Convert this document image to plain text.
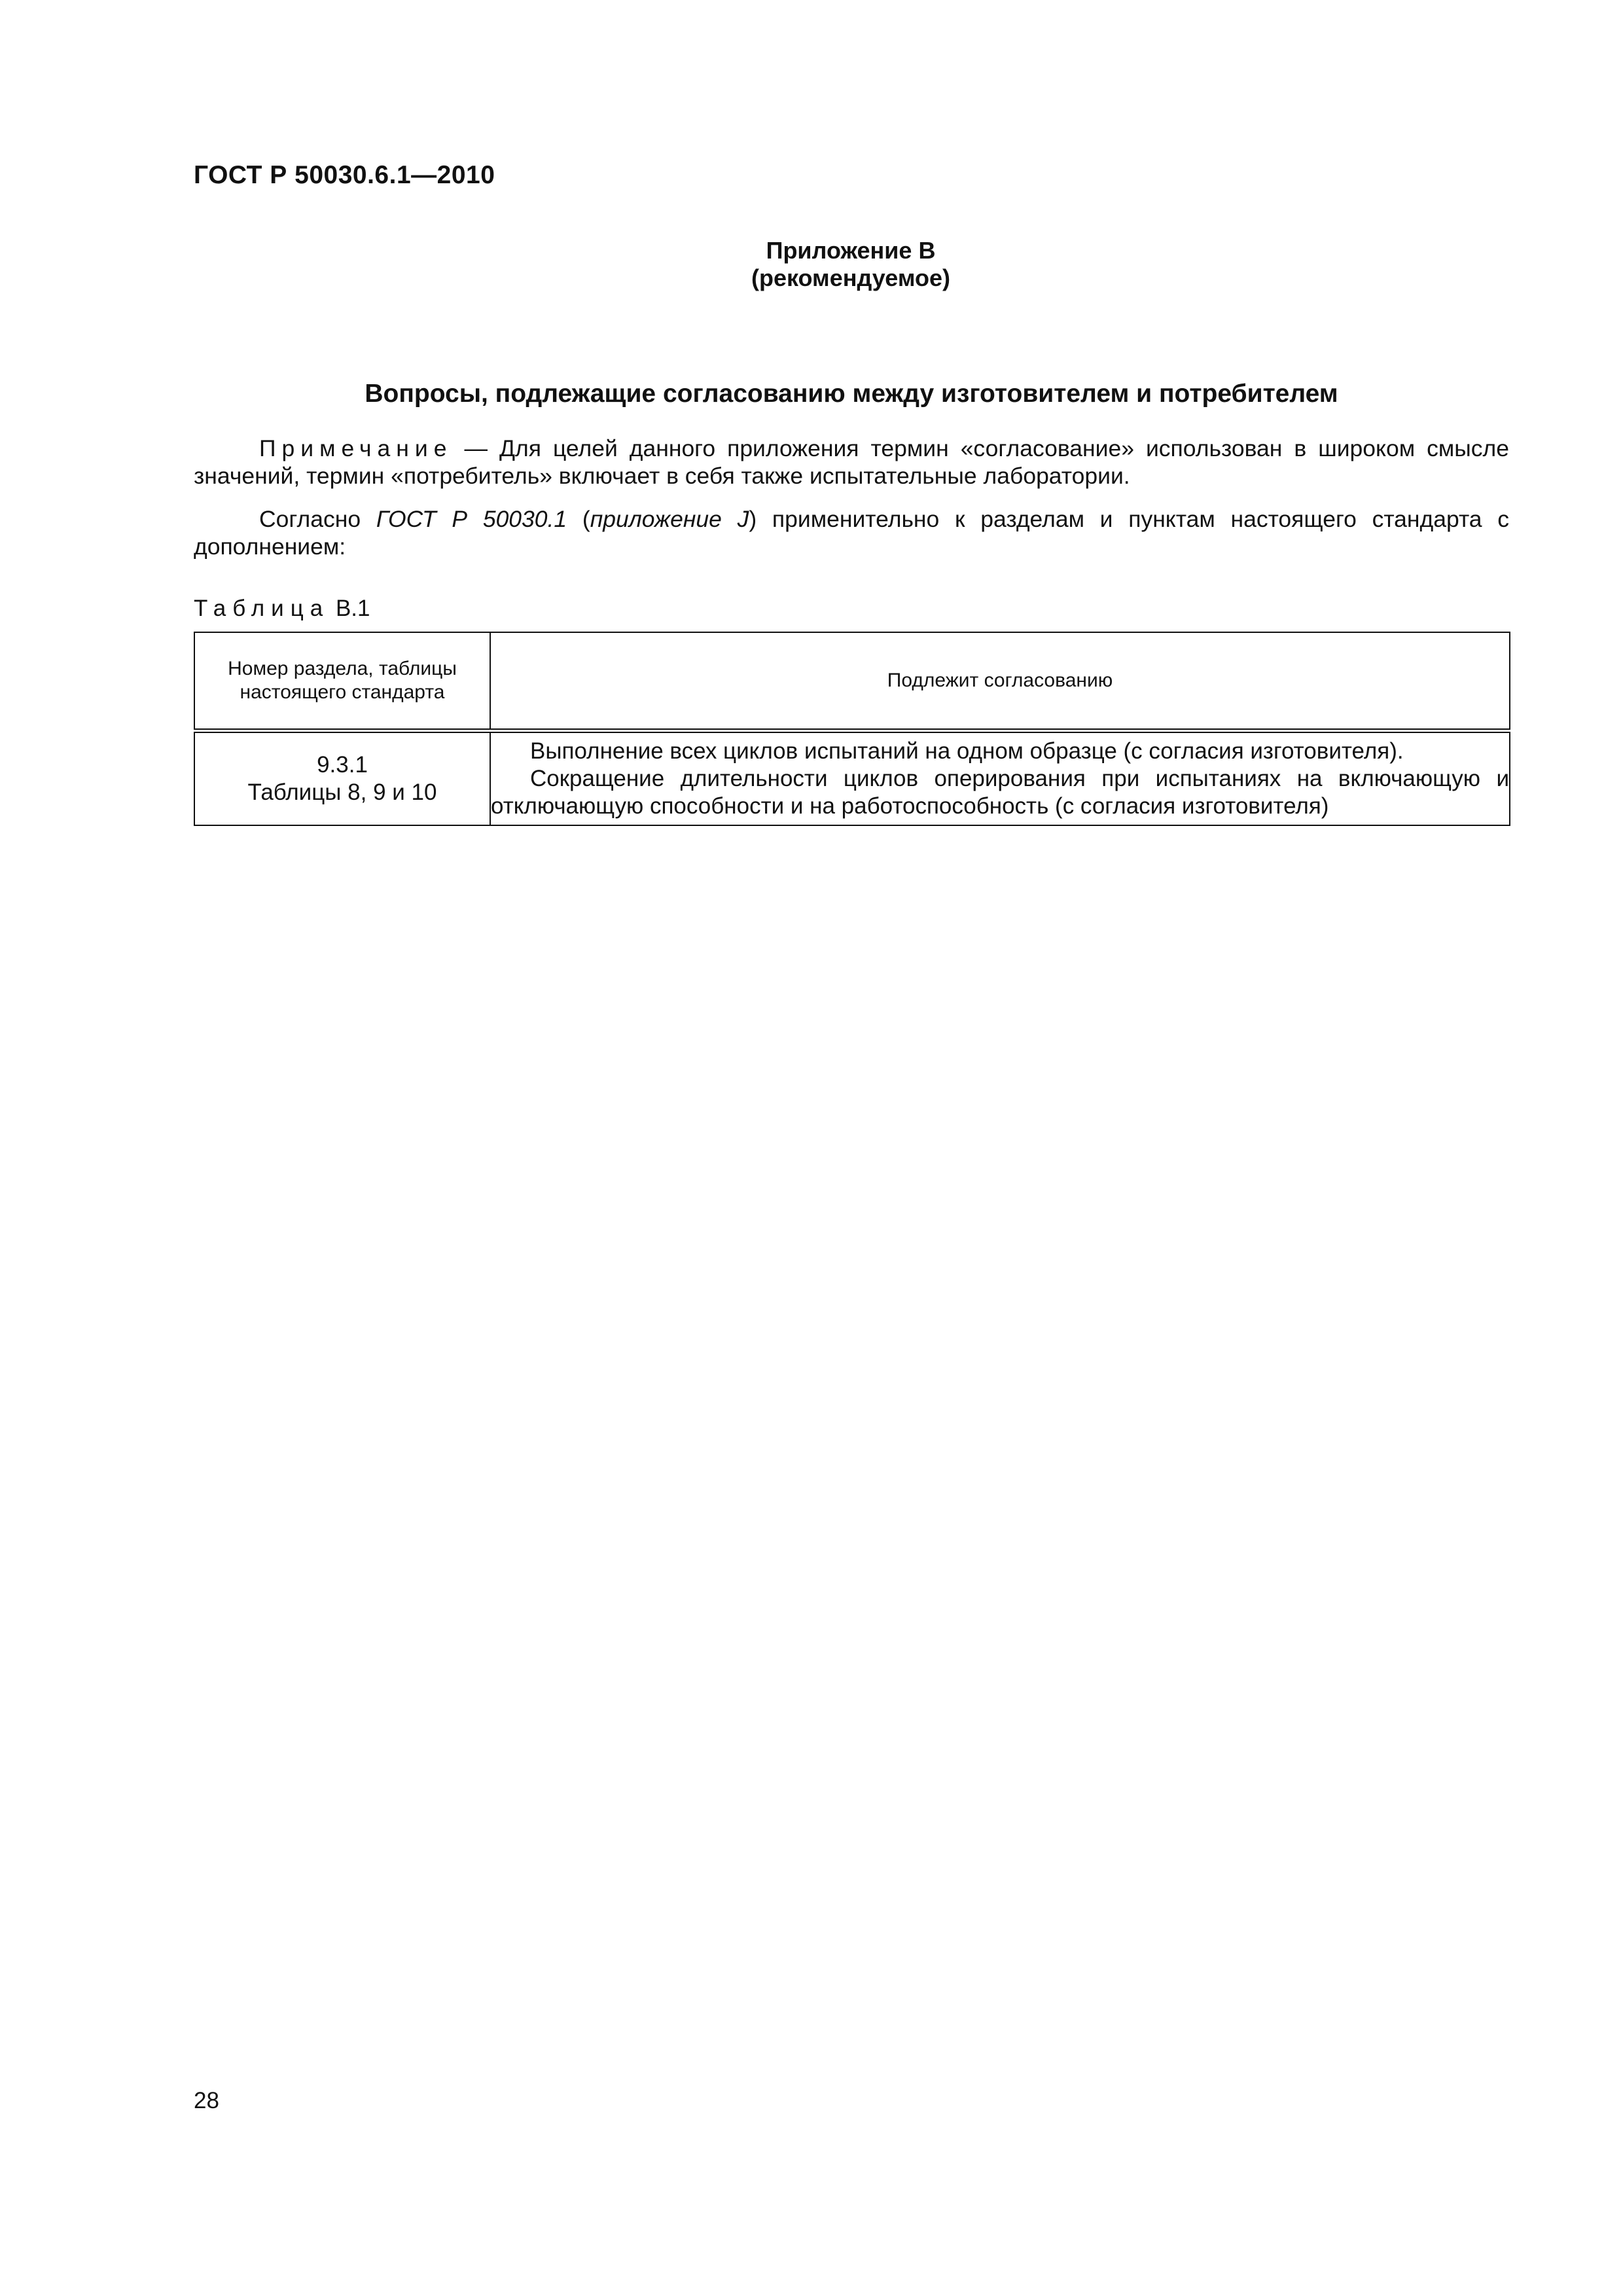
ГОСТ Р 50030.6.1—2010
Приложение В
(рекомендуемое)
Вопросы, подлежащие согласованию между изготовителем и потребителем

Примечание — Для целей данного приложения термин «согласование» использован в широком смысле значений, термин «потребитель» включает в себя также испытательные лаборатории.

Согласно ГОСТ Р 50030.1 (приложение J) применительно к разделам и пунктам настоящего стандарта с дополнением:

Таблица В.1
Номер раздела, таблицы настоящего стандарта	Подлежит согласованию

9.3.1
Таблицы 8, 9 и 10	Выполнение всех циклов испытаний на одном образце (с согласия изготовителя).
Сокращение длительности циклов оперирования при испытаниях на включающую и отключающую способности и на работоспособность (с согласия изготовителя)
28
